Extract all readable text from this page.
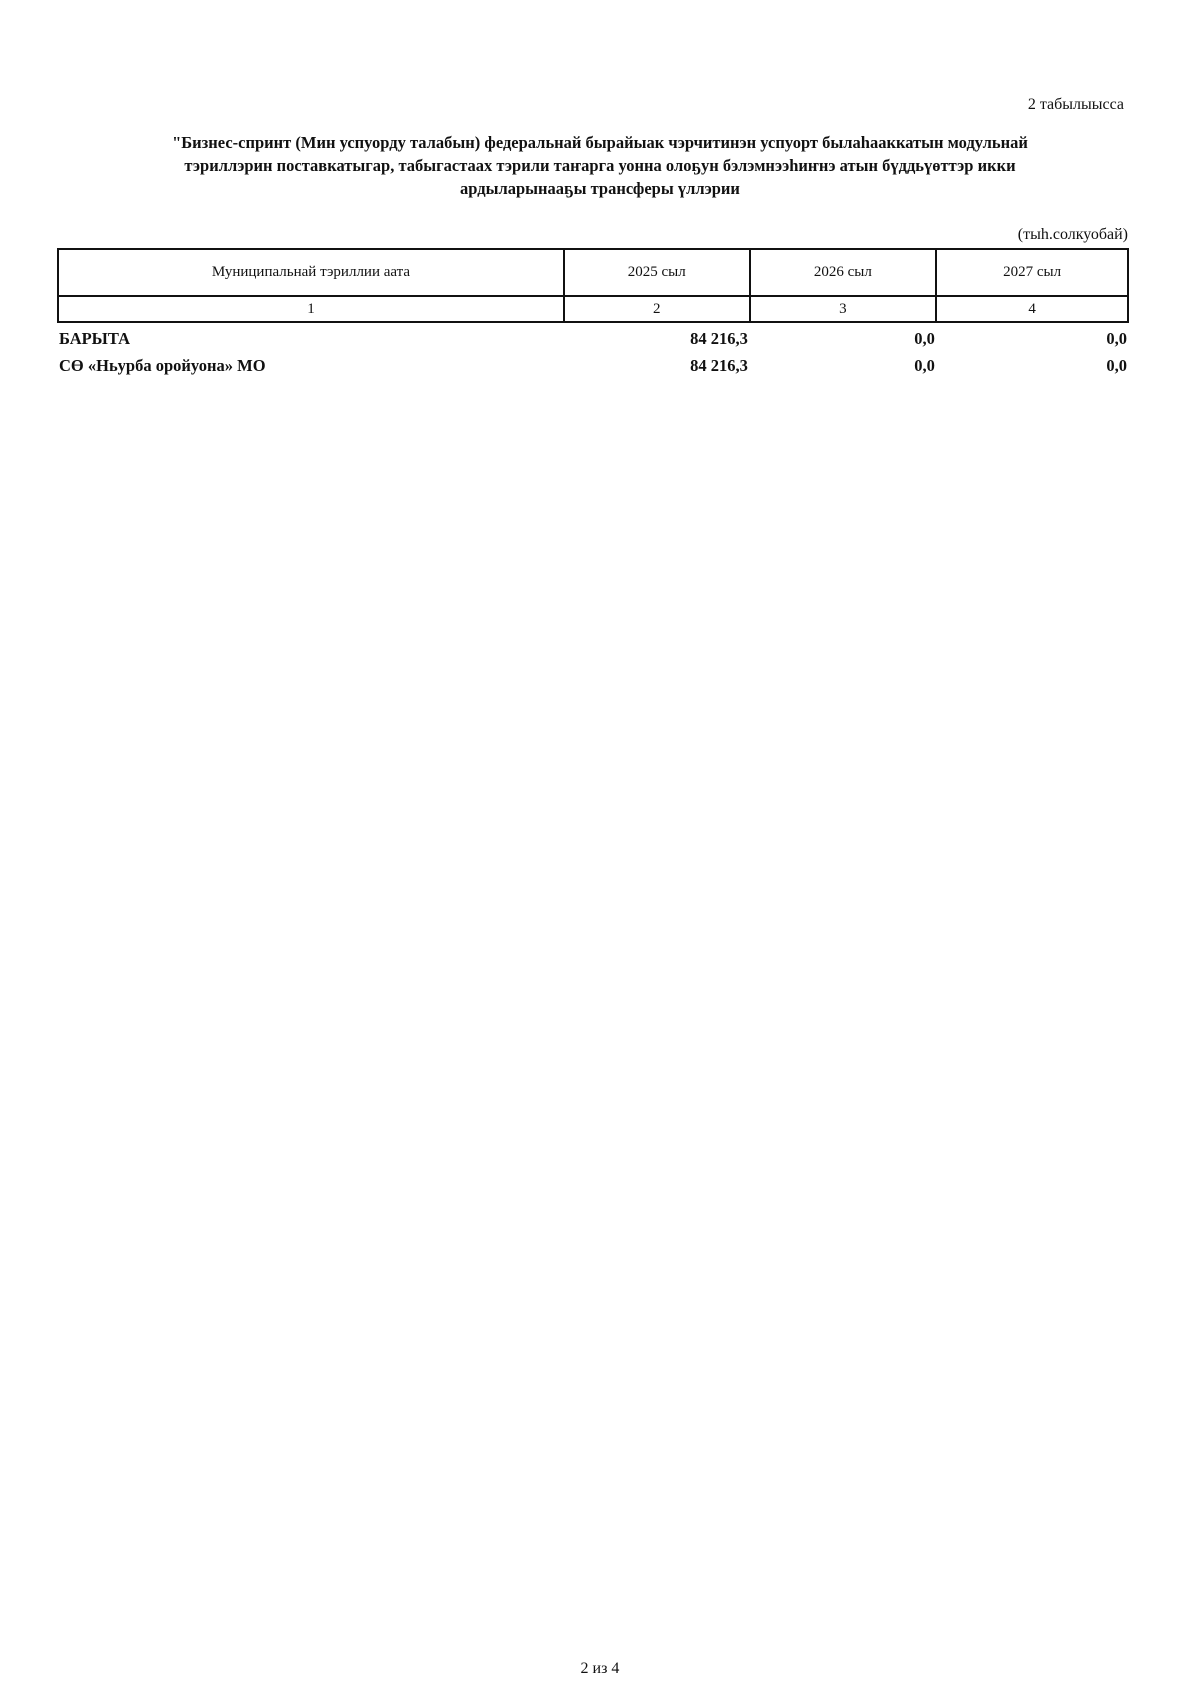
2 табылыысса
"Бизнес-спринт (Мин успуорду талабын) федеральнай бырайыак чэрчитинэн успуорт былаhааккатын модульнай
тэриллэрин поставкатыгар, табыгастаах тэрили таҥарга уонна олоҕун бэлэмнээhиҥнэ атын бүддьүөттэр икки
ардыларынааҕы трансферы үллэрии
(тыh.солкуобай)
Муниципальнай тэриллии аата	2025 сыл	2026 сыл	2027 сыл
1	2	3	4
БАРЫТА	84 216,3	0,0	0,0
СӨ «Ньурба оройуона» МО	84 216,3	0,0	0,0
2 из 4
